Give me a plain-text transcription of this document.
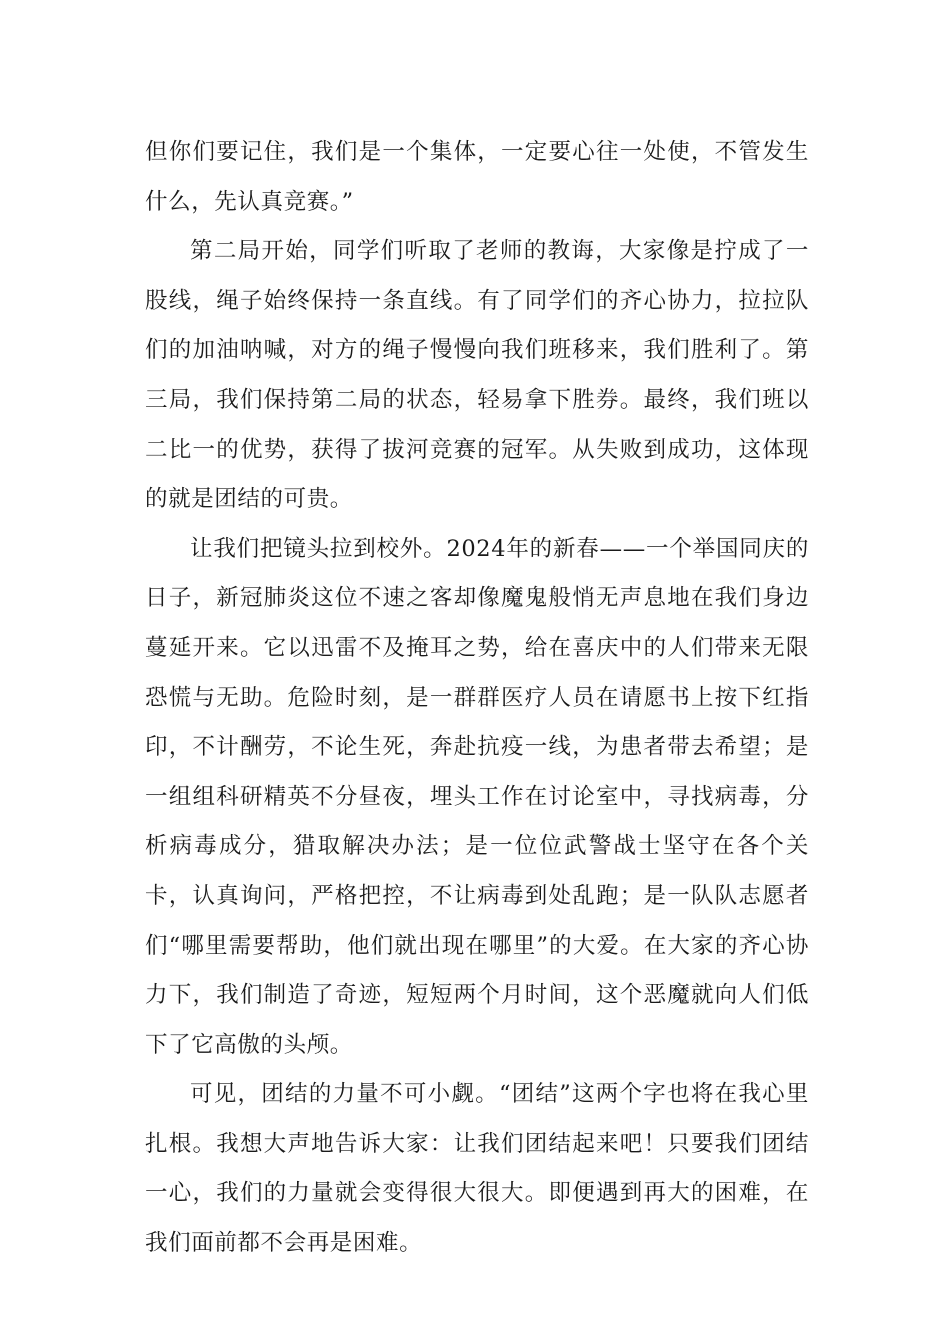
但你们要记住，我们是一个集体，一定要心往一处使，不管发生什么，先认真竞赛。”

第二局开始，同学们听取了老师的教诲，大家像是拧成了一股线，绳子始终保持一条直线。有了同学们的齐心协力，拉拉队们的加油呐喊，对方的绳子慢慢向我们班移来，我们胜利了。第三局，我们保持第二局的状态，轻易拿下胜券。最终，我们班以二比一的优势，获得了拔河竞赛的冠军。从失败到成功，这体现的就是团结的可贵。

让我们把镜头拉到校外。2024年的新春——一个举国同庆的日子，新冠肺炎这位不速之客却像魔鬼般悄无声息地在我们身边蔓延开来。它以迅雷不及掩耳之势，给在喜庆中的人们带来无限恐慌与无助。危险时刻，是一群群医疗人员在请愿书上按下红指印，不计酬劳，不论生死，奔赴抗疫一线，为患者带去希望；是一组组科研精英不分昼夜，埋头工作在讨论室中，寻找病毒，分析病毒成分，猎取解决办法；是一位位武警战士坚守在各个关卡，认真询问，严格把控，不让病毒到处乱跑；是一队队志愿者们“哪里需要帮助，他们就出现在哪里”的大爱。在大家的齐心协力下，我们制造了奇迹，短短两个月时间，这个恶魔就向人们低下了它高傲的头颅。

可见，团结的力量不可小觑。“团结”这两个字也将在我心里扎根。我想大声地告诉大家：让我们团结起来吧！只要我们团结一心，我们的力量就会变得很大很大。即便遇到再大的困难，在我们面前都不会再是困难。
